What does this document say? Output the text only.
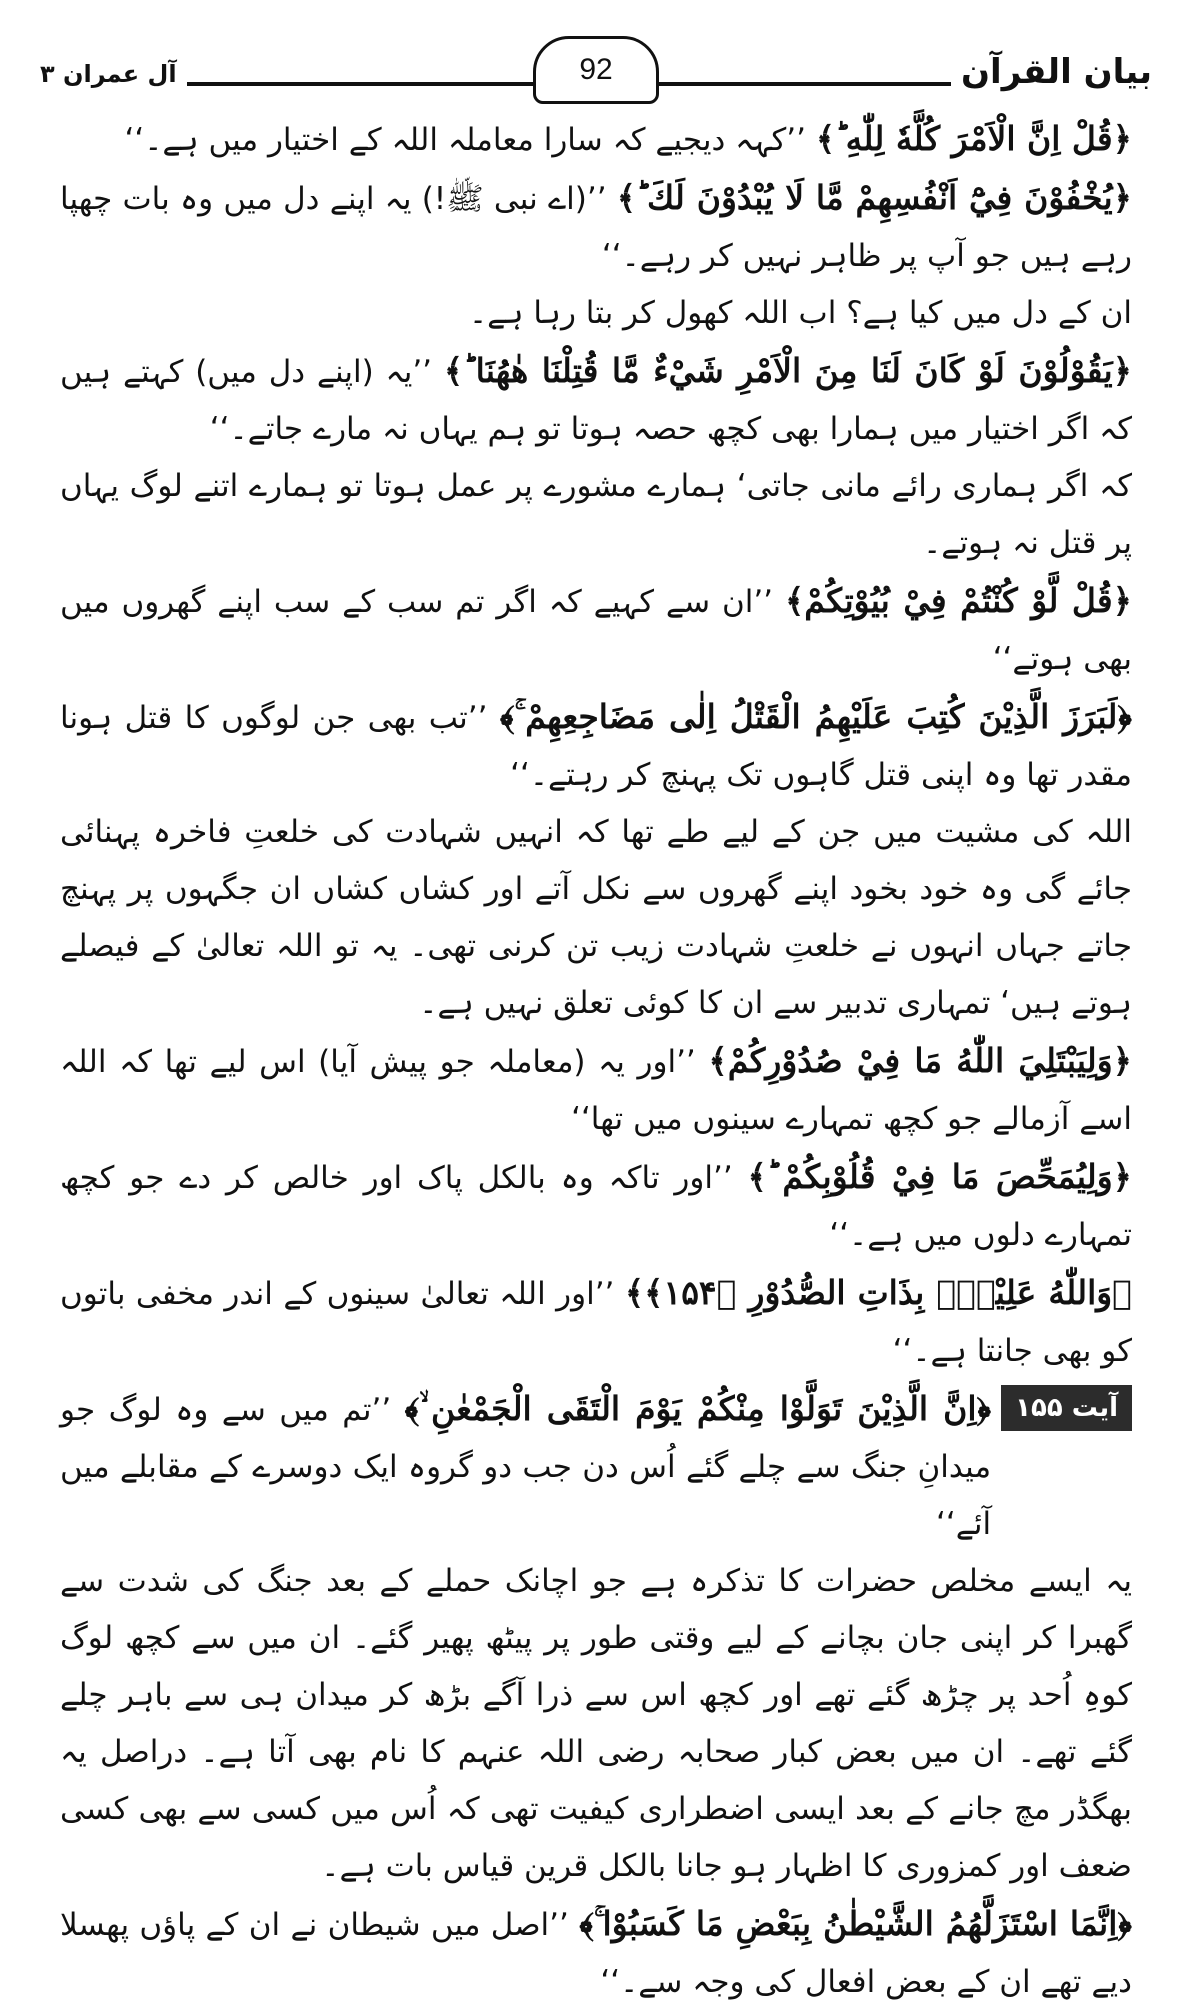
بیان القرآن
92
آل عمران ۳

﴿قُلْ اِنَّ الْاَمْرَ كُلَّهٗ لِلّٰهِ ؕ﴾ ’’کہہ دیجیے کہ سارا معاملہ اللہ کے اختیار میں ہے۔‘‘

﴿يُخْفُوْنَ فِيْٓ اَنْفُسِهِمْ مَّا لَا يُبْدُوْنَ لَكَ ؕ﴾ ’’(اے نبی ﷺ!) یہ اپنے دل میں وہ بات چھپا رہے ہیں جو آپ پر ظاہر نہیں کر رہے۔‘‘

ان کے دل میں کیا ہے؟ اب اللہ کھول کر بتا رہا ہے۔

﴿يَقُوْلُوْنَ لَوْ كَانَ لَنَا مِنَ الْاَمْرِ شَيْءٌ مَّا قُتِلْنَا هٰهُنَا ؕ﴾ ’’یہ (اپنے دل میں) کہتے ہیں کہ اگر اختیار میں ہمارا بھی کچھ حصہ ہوتا تو ہم یہاں نہ مارے جاتے۔‘‘

کہ اگر ہماری رائے مانی جاتی‘ ہمارے مشورے پر عمل ہوتا تو ہمارے اتنے لوگ یہاں پر قتل نہ ہوتے۔

﴿قُلْ لَّوْ كُنْتُمْ فِيْ بُيُوْتِكُمْ﴾ ’’ان سے کہیے کہ اگر تم سب کے سب اپنے گھروں میں بھی ہوتے‘‘

﴿لَبَرَزَ الَّذِيْنَ كُتِبَ عَلَيْهِمُ الْقَتْلُ اِلٰى مَضَاجِعِهِمْ ۚ﴾ ’’تب بھی جن لوگوں کا قتل ہونا مقدر تھا وہ اپنی قتل گاہوں تک پہنچ کر رہتے۔‘‘

اللہ کی مشیت میں جن کے لیے طے تھا کہ انہیں شہادت کی خلعتِ فاخرہ پہنائی جائے گی وہ خود بخود اپنے گھروں سے نکل آتے اور کشاں کشاں ان جگہوں پر پہنچ جاتے جہاں انہوں نے خلعتِ شہادت زیب تن کرنی تھی۔ یہ تو اللہ تعالیٰ کے فیصلے ہوتے ہیں‘ تمہاری تدبیر سے ان کا کوئی تعلق نہیں ہے۔

﴿وَلِيَبْتَلِيَ اللّٰهُ مَا فِيْ صُدُوْرِكُمْ﴾ ’’اور یہ (معاملہ جو پیش آیا) اس لیے تھا کہ اللہ اسے آزمالے جو کچھ تمہارے سینوں میں تھا‘‘

﴿وَلِيُمَحِّصَ مَا فِيْ قُلُوْبِكُمْ ؕ﴾ ’’اور تاکہ وہ بالکل پاک اور خالص کر دے جو کچھ تمہارے دلوں میں ہے۔‘‘

﴿وَاللّٰهُ عَلِيْمٌۢ بِذَاتِ الصُّدُوْرِ ﴿۱۵۴﴾﴾ ’’اور اللہ تعالیٰ سینوں کے اندر مخفی باتوں کو بھی جانتا ہے۔‘‘

آیت ۱۵۵

﴿اِنَّ الَّذِيْنَ تَوَلَّوْا مِنْكُمْ يَوْمَ الْتَقَى الْجَمْعٰنِ ۙ﴾ ’’تم میں سے وہ لوگ جو میدانِ جنگ سے چلے گئے اُس دن جب دو گروہ ایک دوسرے کے مقابلے میں آئے‘‘

یہ ایسے مخلص حضرات کا تذکرہ ہے جو اچانک حملے کے بعد جنگ کی شدت سے گھبرا کر اپنی جان بچانے کے لیے وقتی طور پر پیٹھ پھیر گئے۔ ان میں سے کچھ لوگ کوہِ اُحد پر چڑھ گئے تھے اور کچھ اس سے ذرا آگے بڑھ کر میدان ہی سے باہر چلے گئے تھے۔ ان میں بعض کبار صحابہ رضی اللہ عنہم کا نام بھی آتا ہے۔ دراصل یہ بھگڈر مچ جانے کے بعد ایسی اضطراری کیفیت تھی کہ اُس میں کسی سے بھی کسی ضعف اور کمزوری کا اظہار ہو جانا بالکل قرین قیاس بات ہے۔

﴿اِنَّمَا اسْتَزَلَّهُمُ الشَّيْطٰنُ بِبَعْضِ مَا كَسَبُوْا ۚ﴾ ’’اصل میں شیطان نے ان کے پاؤں پھسلا دیے تھے ان کے بعض افعال کی وجہ سے۔‘‘
